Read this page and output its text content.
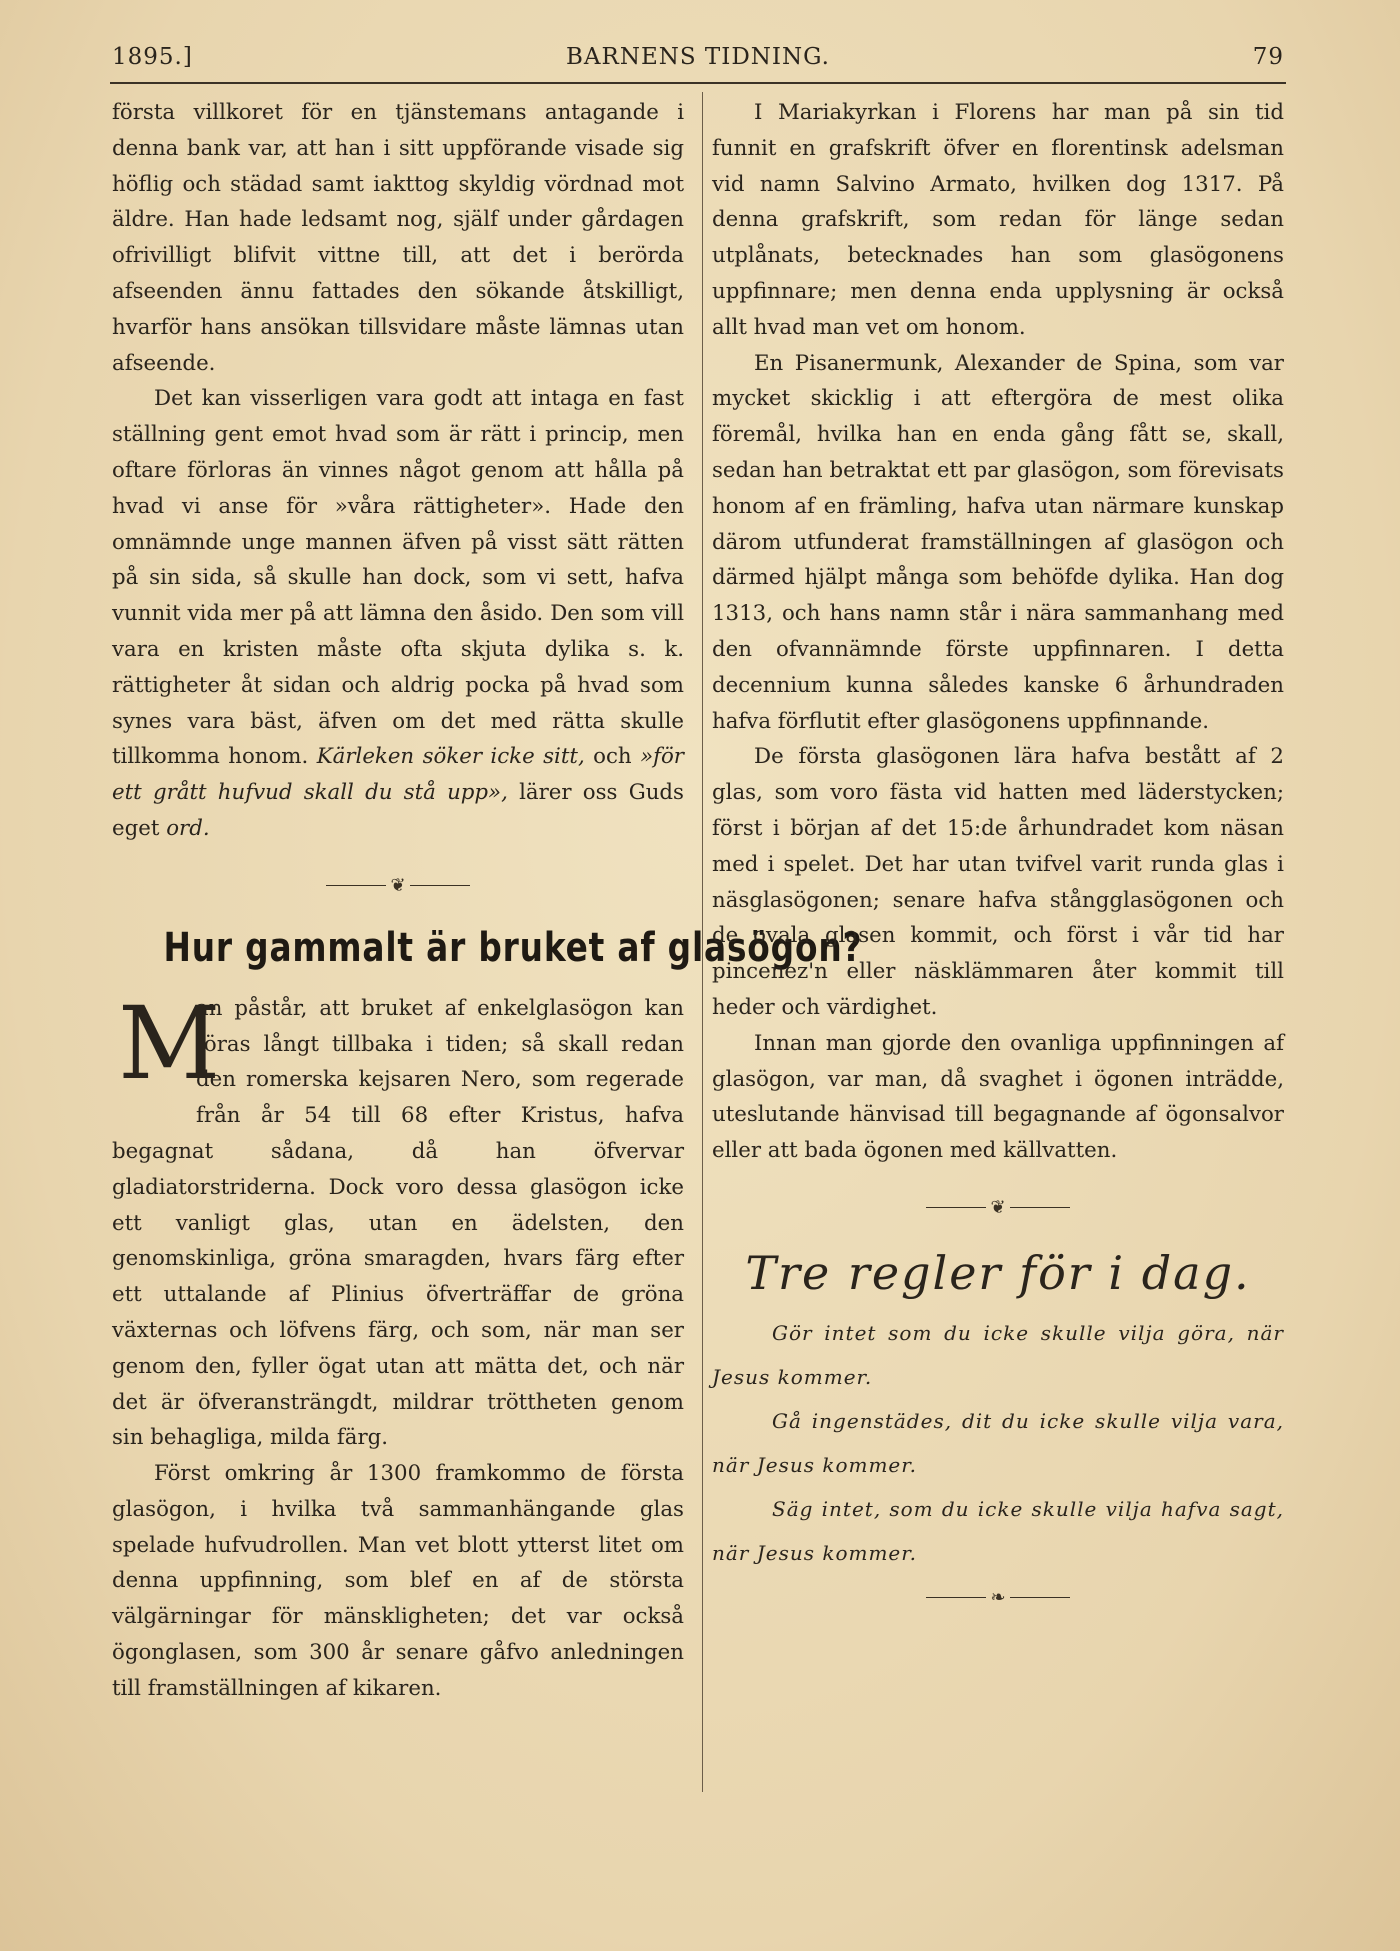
1895.]	BARNENS TIDNING.	79

första villkoret för en tjänstemans antagande i denna bank var, att han i sitt uppförande visade sig höflig och städad samt iakttog skyldig vördnad mot äldre. Han hade ledsamt nog, själf under gårdagen ofrivilligt blifvit vittne till, att det i berörda afseenden ännu fattades den sökande åtskilligt, hvarför hans ansökan tillsvidare måste lämnas utan afseende.

Det kan visserligen vara godt att intaga en fast ställning gent emot hvad som är rätt i princip, men oftare förloras än vinnes något genom att hålla på hvad vi anse för »våra rättigheter». Hade den omnämnde unge mannen äfven på visst sätt rätten på sin sida, så skulle han dock, som vi sett, hafva vunnit vida mer på att lämna den åsido. Den som vill vara en kristen måste ofta skjuta dylika s. k. rättigheter åt sidan och aldrig pocka på hvad som synes vara bäst, äfven om det med rätta skulle tillkomma honom. Kärleken söker icke sitt, och »för ett grått hufvud skall du stå upp», lärer oss Guds eget ord.

❦
Hur gammalt är bruket af glasögon?

M
an påstår, att bruket af enkelglasögon kan föras långt tillbaka i tiden; så skall redan den romerska kejsaren Nero, som regerade från år 54 till 68 efter Kristus, hafva begagnat sådana, då han öfvervar gladiatorstriderna. Dock voro dessa glasögon icke ett vanligt glas, utan en ädelsten, den genomskinliga, gröna smaragden, hvars färg efter ett uttalande af Plinius öfverträffar de gröna växternas och löfvens färg, och som, när man ser genom den, fyller ögat utan att mätta det, och när det är öfveransträngdt, mildrar tröttheten genom sin behagliga, milda färg.

Först omkring år 1300 framkommo de första glasögon, i hvilka två sammanhängande glas spelade hufvudrollen. Man vet blott ytterst litet om denna uppfinning, som blef en af de största välgärningar för mänskligheten; det var också ögonglasen, som 300 år senare gåfvo anledningen till framställningen af kikaren.

I Mariakyrkan i Florens har man på sin tid funnit en grafskrift öfver en florentinsk adelsman vid namn Salvino Armato, hvilken dog 1317. På denna grafskrift, som redan för länge sedan utplånats, betecknades han som glasögonens uppfinnare; men denna enda upplysning är också allt hvad man vet om honom.

En Pisanermunk, Alexander de Spina, som var mycket skicklig i att eftergöra de mest olika föremål, hvilka han en enda gång fått se, skall, sedan han betraktat ett par glasögon, som förevisats honom af en främling, hafva utan närmare kunskap därom utfunderat framställningen af glasögon och därmed hjälpt många som behöfde dylika. Han dog 1313, och hans namn står i nära sammanhang med den ofvannämnde förste uppfinnaren. I detta decennium kunna således kanske 6 århundraden hafva förflutit efter glasögonens uppfinnande.

De första glasögonen lära hafva bestått af 2 glas, som voro fästa vid hatten med läderstycken; först i början af det 15:de århundradet kom näsan med i spelet. Det har utan tvifvel varit runda glas i näsglasögonen; senare hafva stångglasögonen och de ovala glasen kommit, och först i vår tid har pincenez'n eller näsklämmaren åter kommit till heder och värdighet.

Innan man gjorde den ovanliga uppfinningen af glasögon, var man, då svaghet i ögonen inträdde, uteslutande hänvisad till begagnande af ögonsalvor eller att bada ögonen med källvatten.

❦
Tre regler för i dag.

Gör intet som du icke skulle vilja göra, när Jesus kommer.

Gå ingenstädes, dit du icke skulle vilja vara, när Jesus kommer.

Säg intet, som du icke skulle vilja hafva sagt, när Jesus kommer.

❧
